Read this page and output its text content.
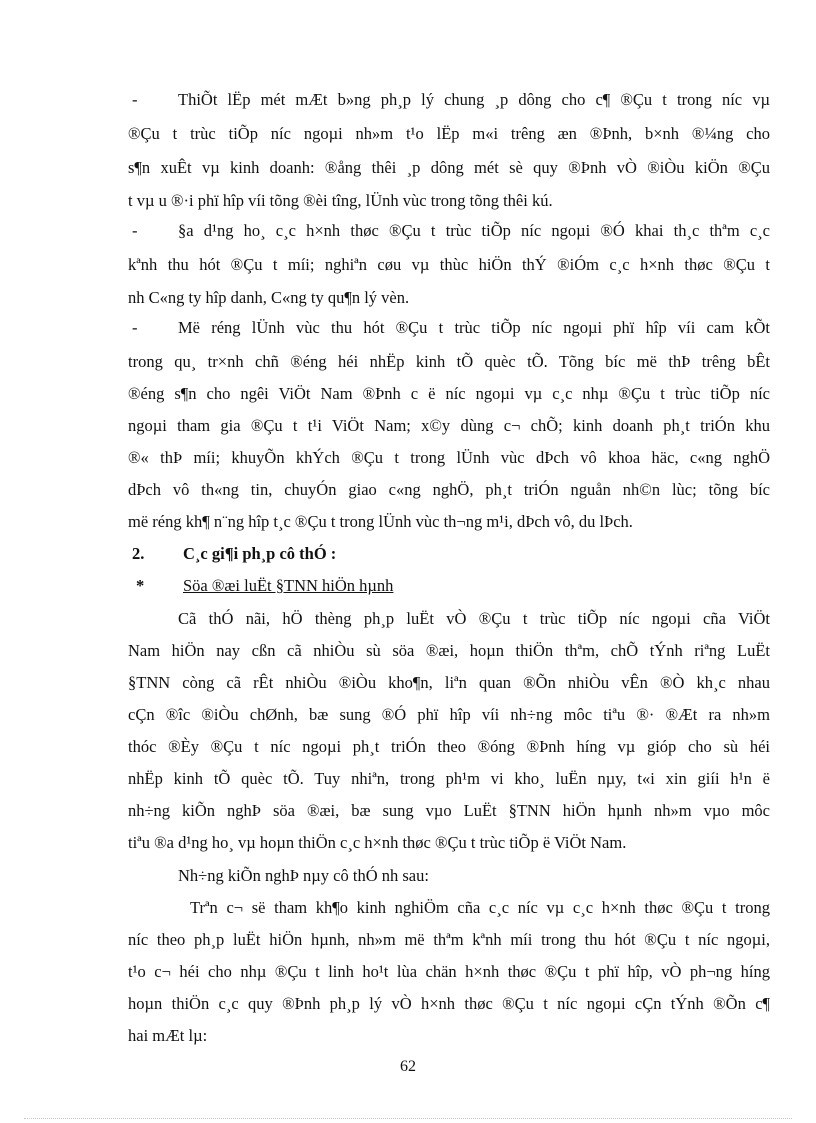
-	ThiÕt lËp mét mÆt b»ng ph¸p lý chung ¸p dông cho c¶ ®Çu t trong níc vµ
®Çu t trùc tiÕp níc ngoµi nh»m t¹o lËp m«i trêng æn ®Þnh, b×nh ®¼ng cho
s¶n xuÊt vµ kinh doanh: ®ång thêi ¸p dông mét sè quy ®Þnh vÒ ®iÒu kiÖn ®Çu
t vµ u ®·i phï hîp víi tõng ®èi tîng, lÜnh vùc trong tõng thêi kú.
-	§a d¹ng ho¸ c¸c h×nh thøc ®Çu t trùc tiÕp níc ngoµi ®Ó khai th¸c thªm c¸c
kªnh thu hót ®Çu t míi; nghiªn cøu vµ thùc hiÖn thÝ ®iÓm c¸c h×nh thøc ®Çu t
nh C«ng ty hîp danh, C«ng ty qu¶n lý vèn.
-	Më réng lÜnh vùc thu hót ®Çu t trùc tiÕp níc ngoµi phï hîp víi cam kÕt
trong qu¸ tr×nh chñ ®éng héi nhËp kinh tÕ quèc tÕ. Tõng bíc më thÞ trêng bÊt
®éng s¶n cho ngêi ViÖt Nam ®Þnh c ë níc ngoµi vµ c¸c nhµ ®Çu t trùc tiÕp níc
ngoµi tham gia ®Çu t t¹i ViÖt Nam; x©y dùng c¬ chÕ; kinh doanh ph¸t triÓn khu
®« thÞ míi; khuyÕn khÝch ®Çu t trong lÜnh vùc dÞch vô khoa häc, c«ng nghÖ
dÞch vô th«ng tin, chuyÓn giao c«ng nghÖ, ph¸t triÓn nguån nh©n lùc; tõng bíc
më réng kh¶ n¨ng hîp t¸c ®Çu t trong lÜnh vùc th¬ng m¹i, dÞch vô, du lÞch.
2. C¸c gi¶i ph¸p cô thÓ :
* Söa ®æi luËt §TNN hiÖn hµnh
Cã thÓ nãi, hÖ thèng ph¸p luËt vÒ ®Çu t trùc tiÕp níc ngoµi cña ViÖt
Nam hiÖn nay cßn cã nhiÒu sù söa ®æi, hoµn thiÖn thªm, chÕ tÝnh riªng LuËt
§TNN còng cã rÊt nhiÒu ®iÒu kho¶n, liªn quan ®Õn nhiÒu vÊn ®Ò kh¸c nhau
cÇn ®îc ®iÒu chØnh, bæ sung ®Ó phï hîp víi nh÷ng môc tiªu ®· ®Æt ra nh»m
thóc ®Èy ®Çu t níc ngoµi ph¸t triÓn theo ®óng ®Þnh híng vµ gióp cho sù héi
nhËp kinh tÕ quèc tÕ. Tuy nhiªn, trong ph¹m vi kho¸ luËn nµy, t«i xin giíi h¹n ë
nh÷ng kiÕn nghÞ söa ®æi, bæ sung vµo LuËt §TNN hiÖn hµnh nh»m vµo môc
tiªu ®a d¹ng ho¸ vµ hoµn thiÖn c¸c h×nh thøc ®Çu t trùc tiÕp ë ViÖt Nam.
Nh÷ng kiÕn nghÞ nµy cô thÓ nh sau:
Trªn c¬ së tham kh¶o kinh nghiÖm cña c¸c níc vµ c¸c h×nh thøc ®Çu t trong
níc theo ph¸p luËt hiÖn hµnh, nh»m më thªm kªnh míi trong thu hót ®Çu t níc ngoµi,
t¹o c¬ héi cho nhµ ®Çu t linh ho¹t lùa chän h×nh thøc ®Çu t phï hîp, vÒ ph¬ng híng
hoµn thiÖn c¸c quy ®Þnh ph¸p lý vÒ h×nh thøc ®Çu t níc ngoµi cÇn tÝnh ®Õn c¶
hai mÆt lµ:
62
